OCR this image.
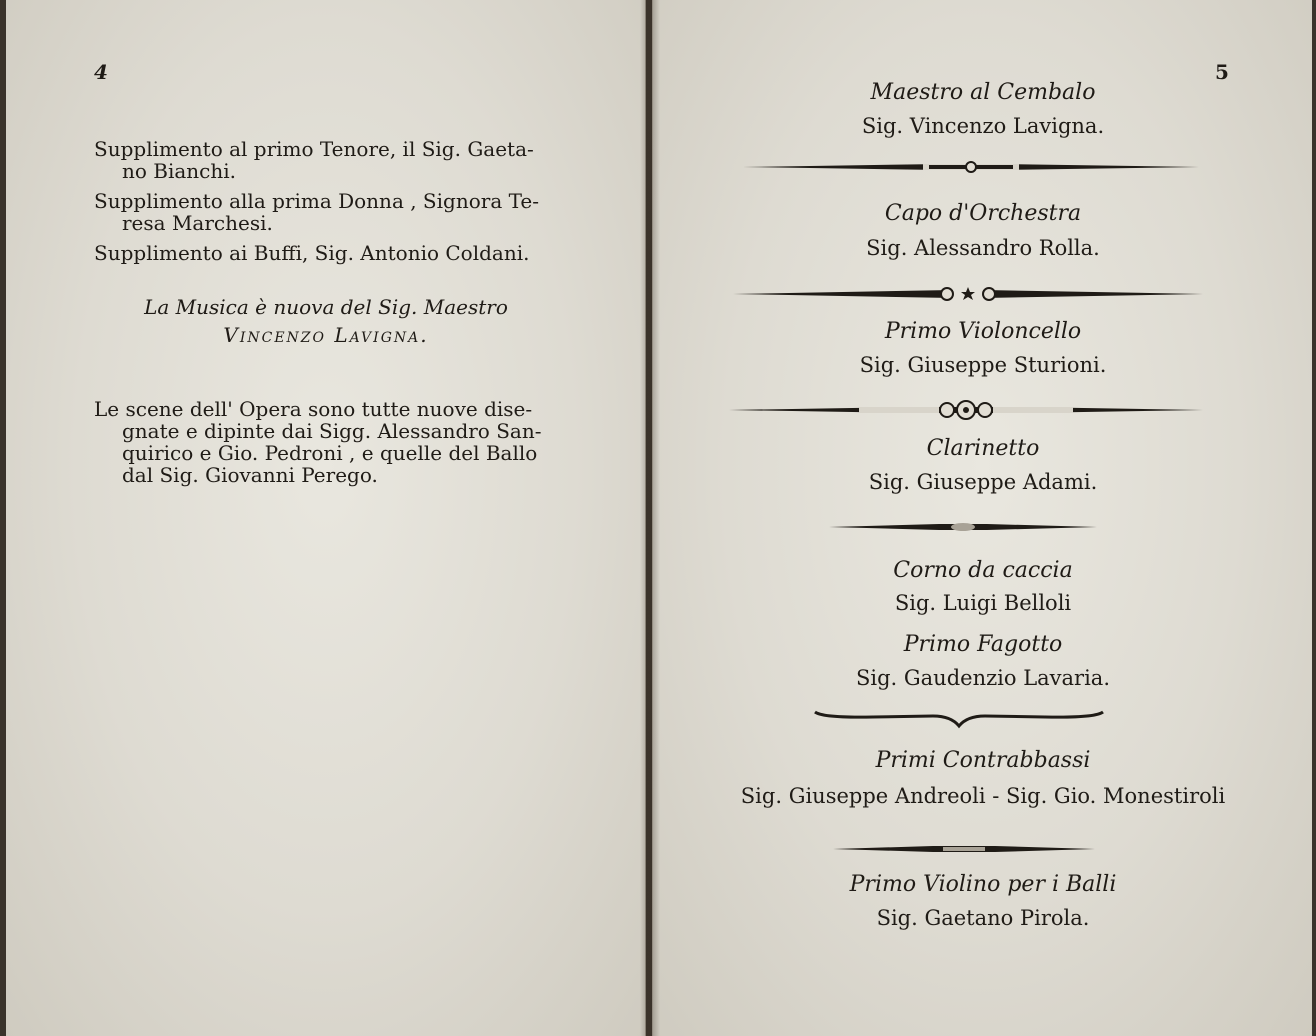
4
Supplimento al primo Tenore, il Sig. Gaeta-
no Bianchi.
Supplimento alla prima Donna , Signora Te-
resa Marchesi.
Supplimento ai Buffi, Sig. Antonio Coldani.
La Musica è nuova del Sig. Maestro
Vincenzo Lavigna.
Le scene dell' Opera sono tutte nuove dise-
gnate e dipinte dai Sigg. Alessandro San-
quirico e Gio. Pedroni , e quelle del Ballo
dal Sig. Giovanni Perego.
5
Maestro al Cembalo
Sig. Vincenzo Lavigna.
Capo d'Orchestra
Sig. Alessandro Rolla.
Primo Violoncello
Sig. Giuseppe Sturioni.
Clarinetto
Sig. Giuseppe Adami.
Corno da caccia
Sig. Luigi Belloli
Primo Fagotto
Sig. Gaudenzio Lavaria.
Primi Contrabbassi
Sig. Giuseppe Andreoli - Sig. Gio. Monestiroli
Primo Violino per i Balli
Sig. Gaetano Pirola.
